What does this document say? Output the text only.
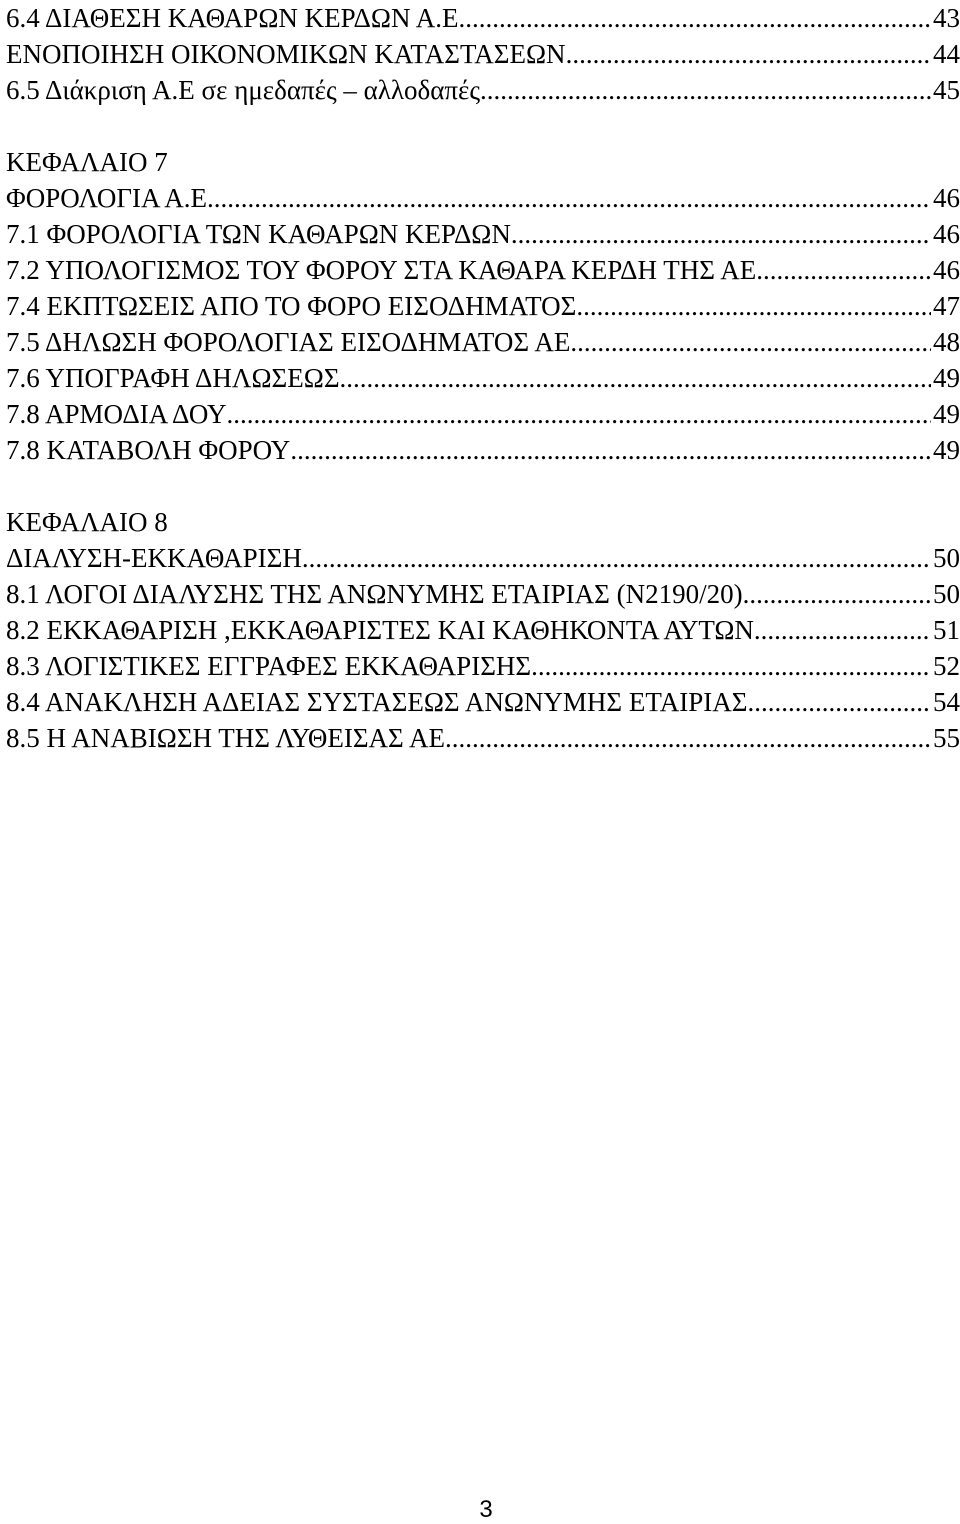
6.4 ΔΙΑΘΕΣΗ ΚΑΘΑΡΩΝ ΚΕΡΔΩΝ Α.Ε .....	43
ΕΝΟΠΟΙΗΣΗ ΟΙΚΟΝΟΜΙΚΩΝ ΚΑΤΑΣΤΑΣΕΩΝ .....	44
6.5 Διάκριση Α.Ε σε ημεδαπές – αλλοδαπές .....	45
ΚΕΦΑΛΑΙΟ 7
ΦΟΡΟΛΟΓΙΑ Α.Ε .....	46
7.1 ΦΟΡΟΛΟΓΙΑ ΤΩΝ ΚΑΘΑΡΩΝ ΚΕΡΔΩΝ .....	46
7.2 ΥΠΟΛΟΓΙΣΜΟΣ ΤΟΥ ΦΟΡΟΥ ΣΤΑ ΚΑΘΑΡΑ ΚΕΡΔΗ ΤΗΣ ΑΕ .....	46
7.4 ΕΚΠΤΩΣΕΙΣ ΑΠΟ ΤΟ ΦΟΡΟ ΕΙΣΟΔΗΜΑΤΟΣ .....	47
7.5 ΔΗΛΩΣΗ ΦΟΡΟΛΟΓΙΑΣ ΕΙΣΟΔΗΜΑΤΟΣ ΑΕ .....	48
7.6 ΥΠΟΓΡΑΦΗ ΔΗΛΩΣΕΩΣ .....	49
7.8 ΑΡΜΟΔΙΑ ΔΟΥ .....	49
7.8 ΚΑΤΑΒΟΛΗ ΦΟΡΟΥ .....	49
ΚΕΦΑΛΑΙΟ 8
ΔΙΑΛΥΣΗ-ΕΚΚΑΘΑΡΙΣΗ .....	50
8.1 ΛΟΓΟΙ ΔΙΑΛΥΣΗΣ ΤΗΣ ΑΝΩΝΥΜΗΣ ΕΤΑΙΡΙΑΣ (Ν2190/20) .....	50
8.2 ΕΚΚΑΘΑΡΙΣΗ ,ΕΚΚΑΘΑΡΙΣΤΕΣ ΚΑΙ ΚΑΘΗΚΟΝΤΑ ΑΥΤΩΝ .....	51
8.3 ΛΟΓΙΣΤΙΚΕΣ ΕΓΓΡΑΦΕΣ ΕΚΚΑΘΑΡΙΣΗΣ .....	52
8.4 ΑΝΑΚΛΗΣΗ ΑΔΕΙΑΣ ΣΥΣΤΑΣΕΩΣ ΑΝΩΝΥΜΗΣ ΕΤΑΙΡΙΑΣ .....	54
8.5 Η ΑΝΑΒΙΩΣΗ ΤΗΣ ΛΥΘΕΙΣΑΣ ΑΕ .....	55
3
